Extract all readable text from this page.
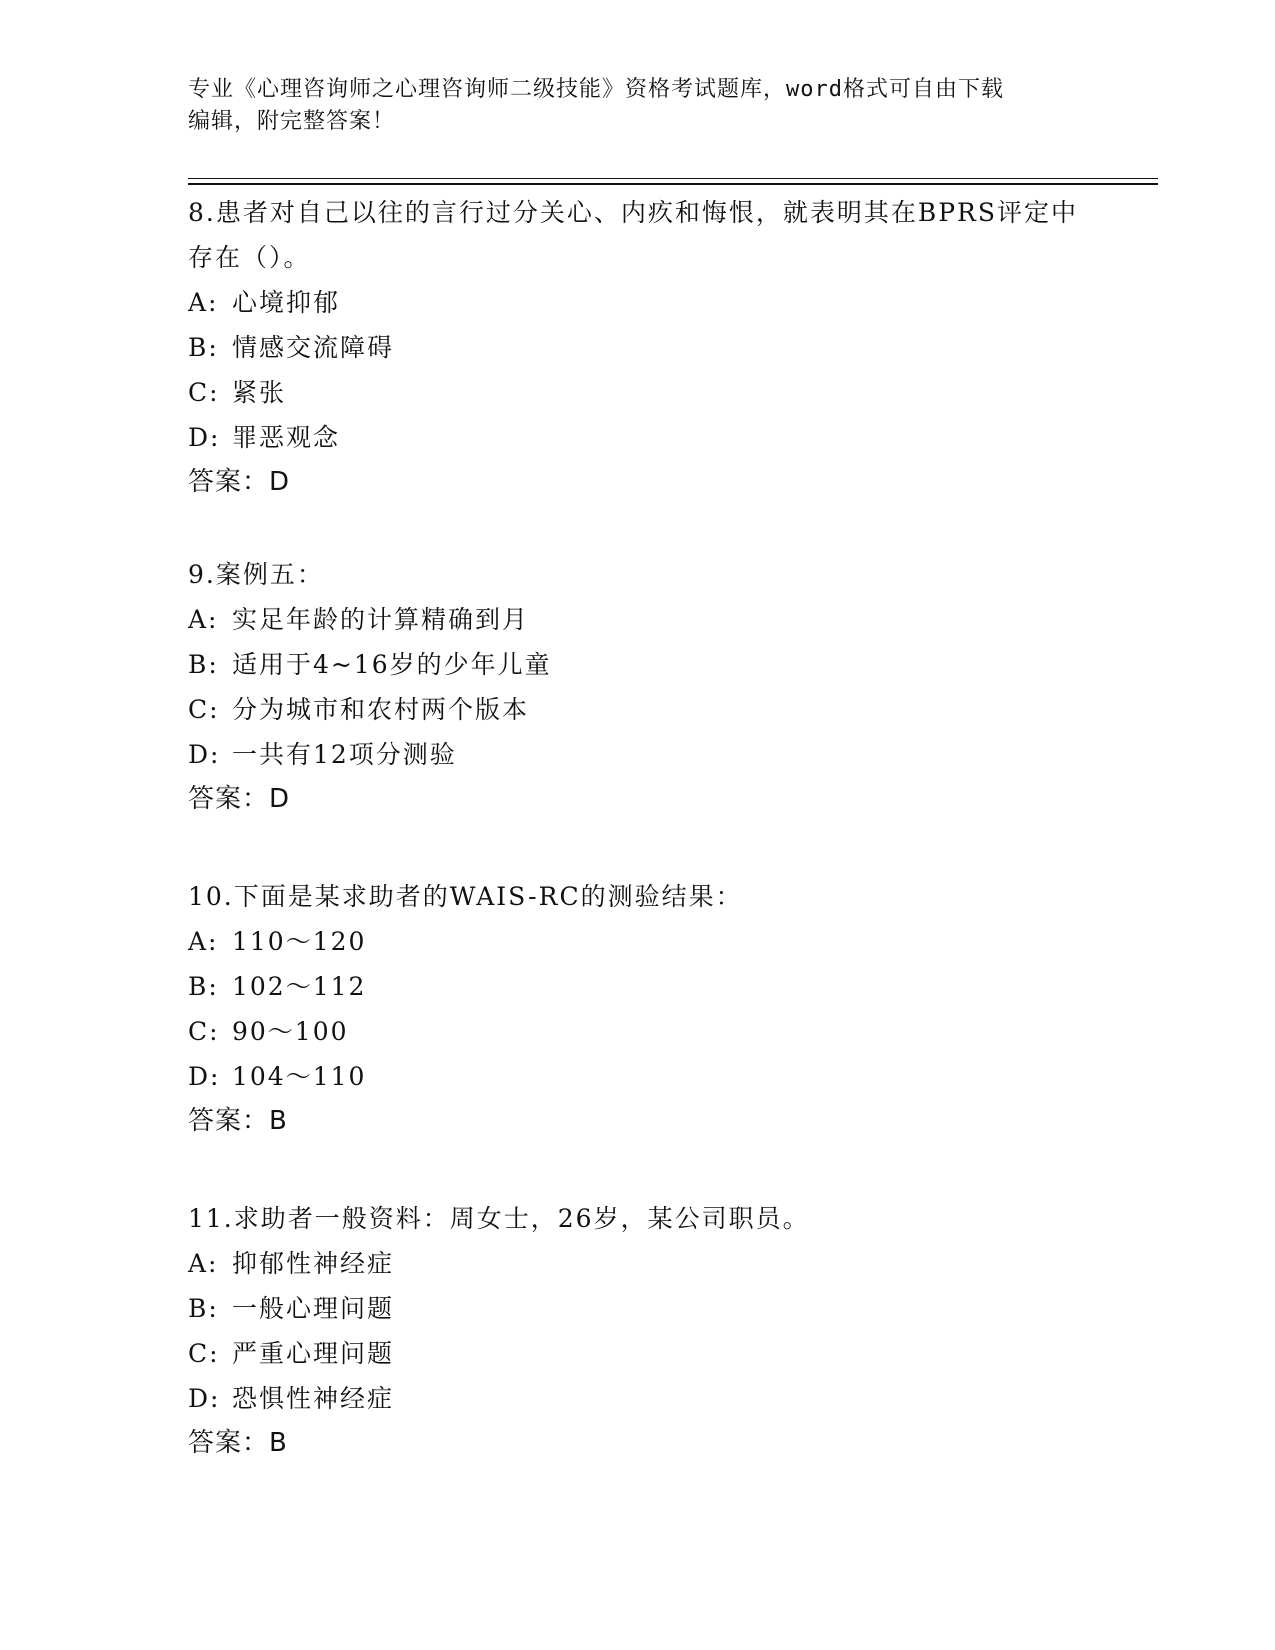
专业《心理咨询师之心理咨询师二级技能》资格考试题库，word格式可自由下载
编辑，附完整答案！

8.患者对自己以往的言行过分关心、内疚和悔恨，就表明其在BPRS评定中存在（）。

A: 心境抑郁
B: 情感交流障碍
C: 紧张
D: 罪恶观念

答案：D

9.案例五：

A: 实足年龄的计算精确到月
B: 适用于4~16岁的少年儿童
C: 分为城市和农村两个版本
D: 一共有12项分测验

答案：D

10.下面是某求助者的WAIS-RC的测验结果：

A: 110～120
B: 102～112
C: 90～100
D: 104～110

答案：B

11.求助者一般资料：周女士，26岁，某公司职员。

A: 抑郁性神经症
B: 一般心理问题
C: 严重心理问题
D: 恐惧性神经症

答案：B
